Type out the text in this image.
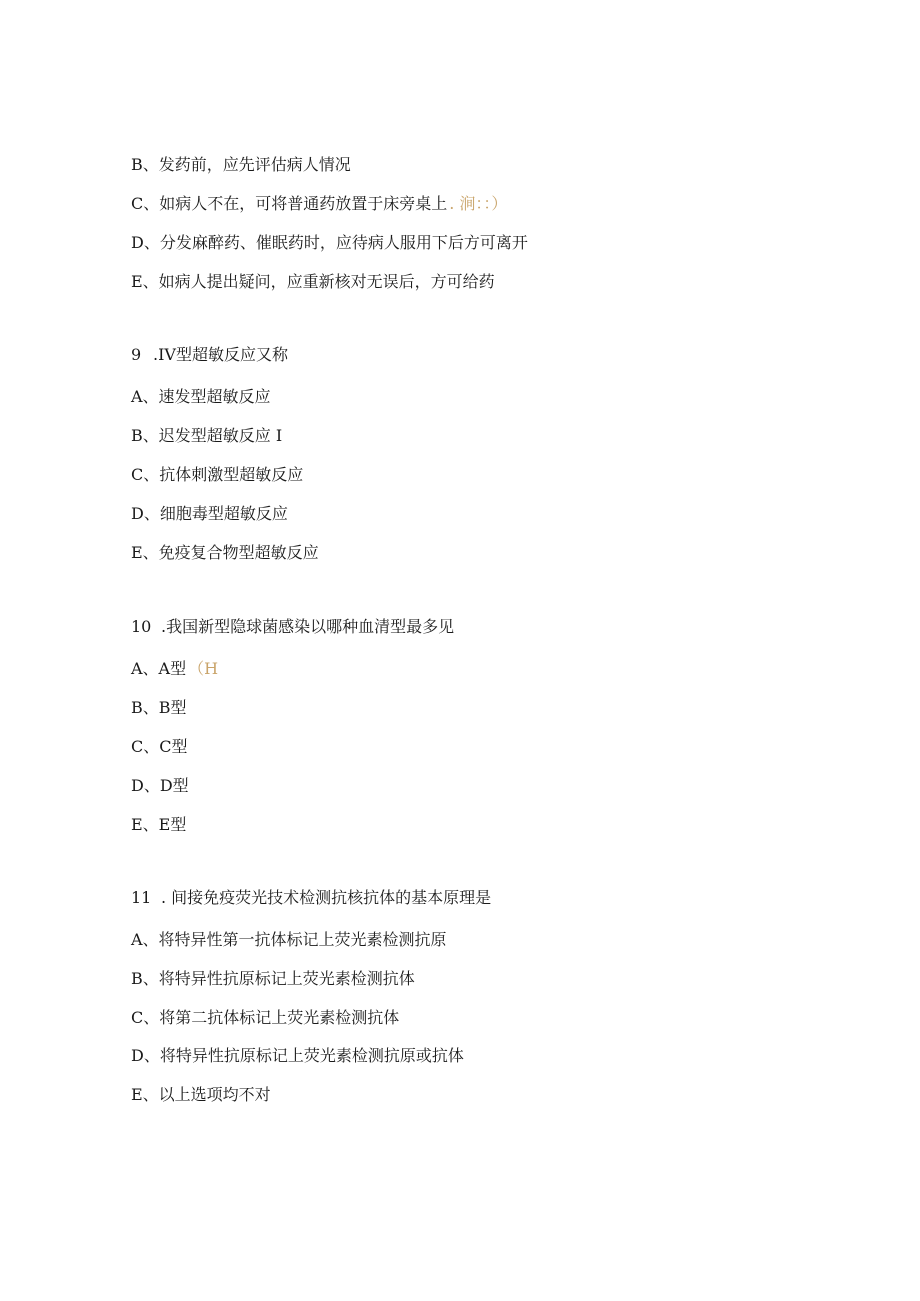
B、发药前，应先评估病人情况
C、如病人不在，可将普通药放置于床旁桌上 . 涧：：）
D、分发麻醉药、催眠药时，应待病人服用下后方可离开
E、如病人提出疑问，应重新核对无误后，方可给药
9 .IV型超敏反应又称
A、速发型超敏反应
B、迟发型超敏反应 I
C、抗体刺激型超敏反应
D、细胞毒型超敏反应
E、免疫复合物型超敏反应
10 .我国新型隐球菌感染以哪种血清型最多见
A、A型 （H
B、B型
C、C型
D、D型
E、E型
11 . 间接免疫荧光技术检测抗核抗体的基本原理是
A、将特异性第一抗体标记上荧光素检测抗原
B、将特异性抗原标记上荧光素检测抗体
C、将第二抗体标记上荧光素检测抗体
D、将特异性抗原标记上荧光素检测抗原或抗体
E、以上选项均不对
